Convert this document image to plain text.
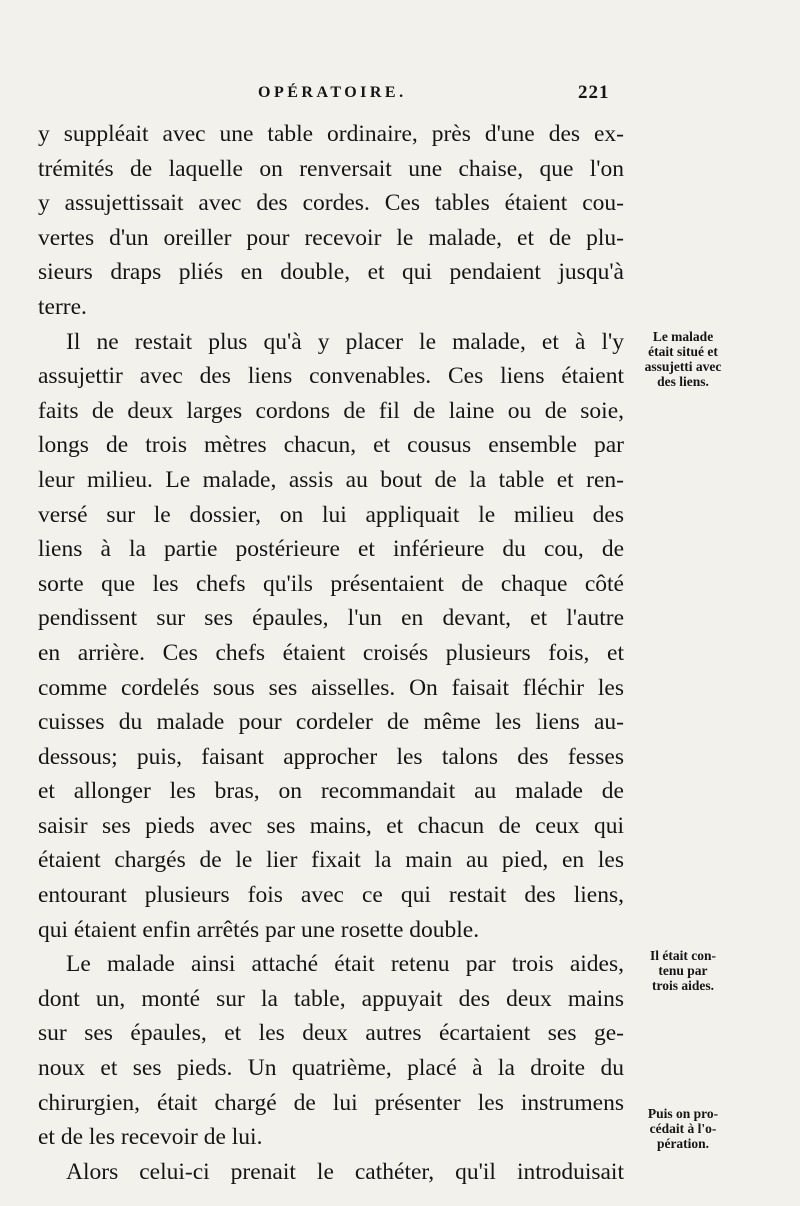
OPÉRATOIRE.	221
y suppléait avec une table ordinaire, près d'une des ex-
trémités de laquelle on renversait une chaise, que l'on
y assujettissait avec des cordes. Ces tables étaient cou-
vertes d'un oreiller pour recevoir le malade, et de plu-
sieurs draps pliés en double, et qui pendaient jusqu'à
terre.
Il ne restait plus qu'à y placer le malade, et à l'y
assujettir avec des liens convenables. Ces liens étaient
faits de deux larges cordons de fil de laine ou de soie,
longs de trois mètres chacun, et cousus ensemble par
leur milieu. Le malade, assis au bout de la table et ren-
versé sur le dossier, on lui appliquait le milieu des
liens à la partie postérieure et inférieure du cou, de
sorte que les chefs qu'ils présentaient de chaque côté
pendissent sur ses épaules, l'un en devant, et l'autre
en arrière. Ces chefs étaient croisés plusieurs fois, et
comme cordelés sous ses aisselles. On faisait fléchir les
cuisses du malade pour cordeler de même les liens au-
dessous; puis, faisant approcher les talons des fesses
et allonger les bras, on recommandait au malade de
saisir ses pieds avec ses mains, et chacun de ceux qui
étaient chargés de le lier fixait la main au pied, en les
entourant plusieurs fois avec ce qui restait des liens,
qui étaient enfin arrêtés par une rosette double.
Le malade ainsi attaché était retenu par trois aides,
dont un, monté sur la table, appuyait des deux mains
sur ses épaules, et les deux autres écartaient ses ge-
noux et ses pieds. Un quatrième, placé à la droite du
chirurgien, était chargé de lui présenter les instrumens
et de les recevoir de lui.
Alors celui-ci prenait le cathéter, qu'il introduisait
Le malade
était situé et
assujetti avec
des liens.
Il était con-
tenu par
trois aides.
Puis on pro-
cédait à l'o-
pération.
